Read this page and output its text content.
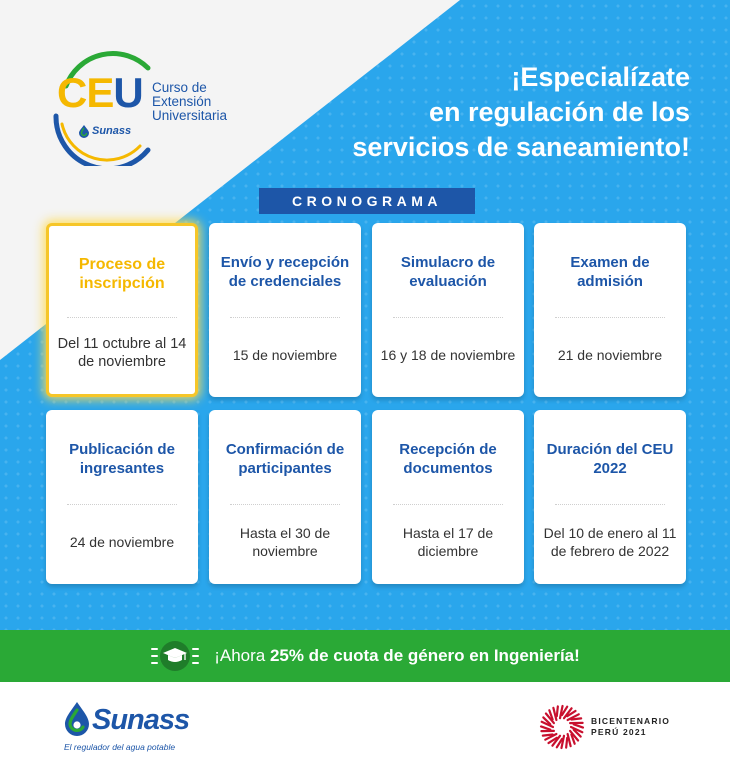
CEU Curso de
Extensión
Universitaria
Sunass
¡Especialízate
en regulación de los
servicios de saneamiento!
CRONOGRAMA
Proceso de inscripción
Del 11 octubre al 14 de noviembre
Envío y recepción de credenciales
15 de noviembre
Simulacro de evaluación
16 y 18 de noviembre
Examen de admisión
21 de noviembre
Publicación de ingresantes
24 de noviembre
Confirmación de participantes
Hasta el 30 de noviembre
Recepción de documentos
Hasta el 17 de diciembre
Duración del CEU 2022
Del 10 de enero al 11 de febrero de 2022
¡Ahora 25% de cuota de género en Ingeniería!
Sunass
El regulador del agua potable
BICENTENARIO
PERÚ 2021
